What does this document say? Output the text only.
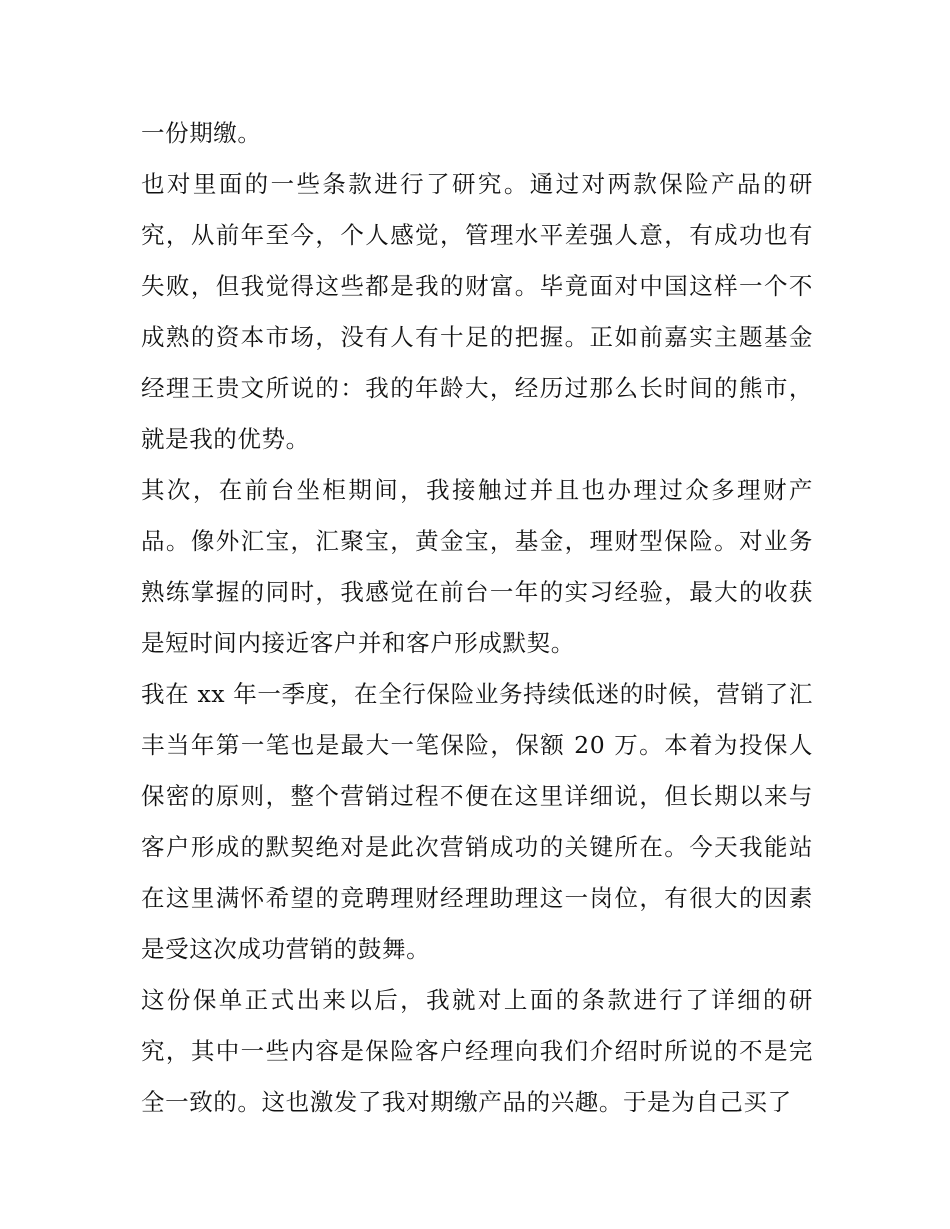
一份期缴。

也对里面的一些条款进行了研究。通过对两款保险产品的研究，从前年至今，个人感觉，管理水平差强人意，有成功也有失败，但我觉得这些都是我的财富。毕竟面对中国这样一个不成熟的资本市场，没有人有十足的把握。正如前嘉实主题基金经理王贵文所说的：我的年龄大，经历过那么长时间的熊市，就是我的优势。

其次，在前台坐柜期间，我接触过并且也办理过众多理财产品。像外汇宝，汇聚宝，黄金宝，基金，理财型保险。对业务熟练掌握的同时，我感觉在前台一年的实习经验，最大的收获是短时间内接近客户并和客户形成默契。

我在 xx 年一季度，在全行保险业务持续低迷的时候，营销了汇丰当年第一笔也是最大一笔保险，保额 20 万。本着为投保人保密的原则，整个营销过程不便在这里详细说，但长期以来与客户形成的默契绝对是此次营销成功的关键所在。今天我能站在这里满怀希望的竞聘理财经理助理这一岗位，有很大的因素是受这次成功营销的鼓舞。

这份保单正式出来以后，我就对上面的条款进行了详细的研究，其中一些内容是保险客户经理向我们介绍时所说的不是完全一致的。这也激发了我对期缴产品的兴趣。于是为自己买了
